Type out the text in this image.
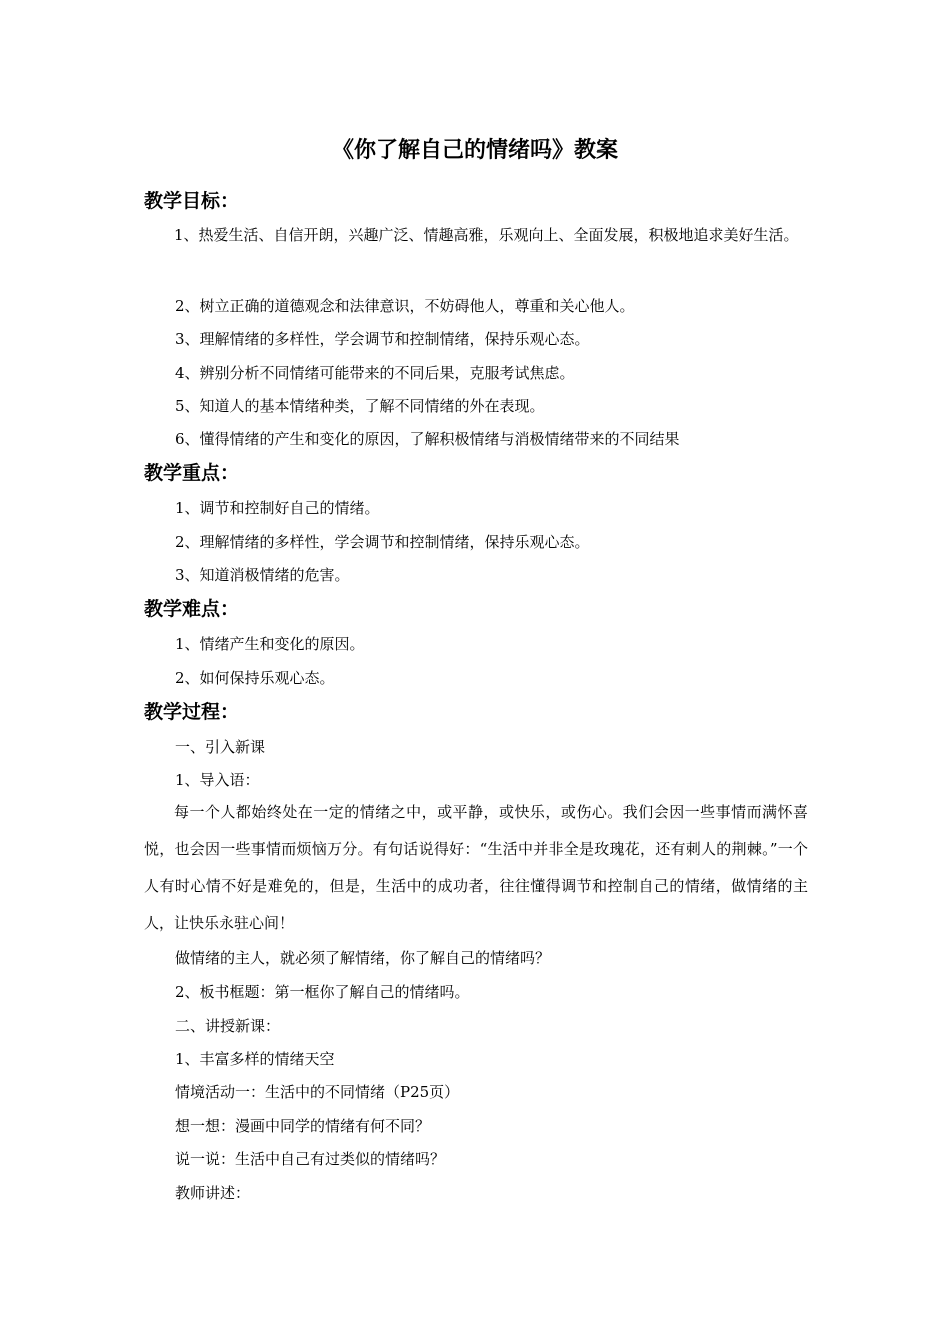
《你了解自己的情绪吗》教案
教学目标：

1、热爱生活、自信开朗，兴趣广泛、情趣高雅，乐观向上、全面发展，积极地追求美好生活。

2、树立正确的道德观念和法律意识，不妨碍他人，尊重和关心他人。

3、理解情绪的多样性，学会调节和控制情绪，保持乐观心态。

4、辨别分析不同情绪可能带来的不同后果，克服考试焦虑。

5、知道人的基本情绪种类，了解不同情绪的外在表现。

6、懂得情绪的产生和变化的原因，了解积极情绪与消极情绪带来的不同结果

教学重点：

1、调节和控制好自己的情绪。

2、理解情绪的多样性，学会调节和控制情绪，保持乐观心态。

3、知道消极情绪的危害。

教学难点：

1、情绪产生和变化的原因。

2、如何保持乐观心态。

教学过程：

一、引入新课

1、导入语：

每一个人都始终处在一定的情绪之中，或平静，或快乐，或伤心。我们会因一些事情而满怀喜悦，也会因一些事情而烦恼万分。有句话说得好：“生活中并非全是玫瑰花，还有刺人的荆棘。”一个人有时心情不好是难免的，但是，生活中的成功者，往往懂得调节和控制自己的情绪，做情绪的主人，让快乐永驻心间！

做情绪的主人，就必须了解情绪，你了解自己的情绪吗？

2、板书框题：第一框你了解自己的情绪吗。

二、讲授新课：

1、丰富多样的情绪天空

情境活动一：生活中的不同情绪（P25页）

想一想：漫画中同学的情绪有何不同？

说一说：生活中自己有过类似的情绪吗？

教师讲述：
